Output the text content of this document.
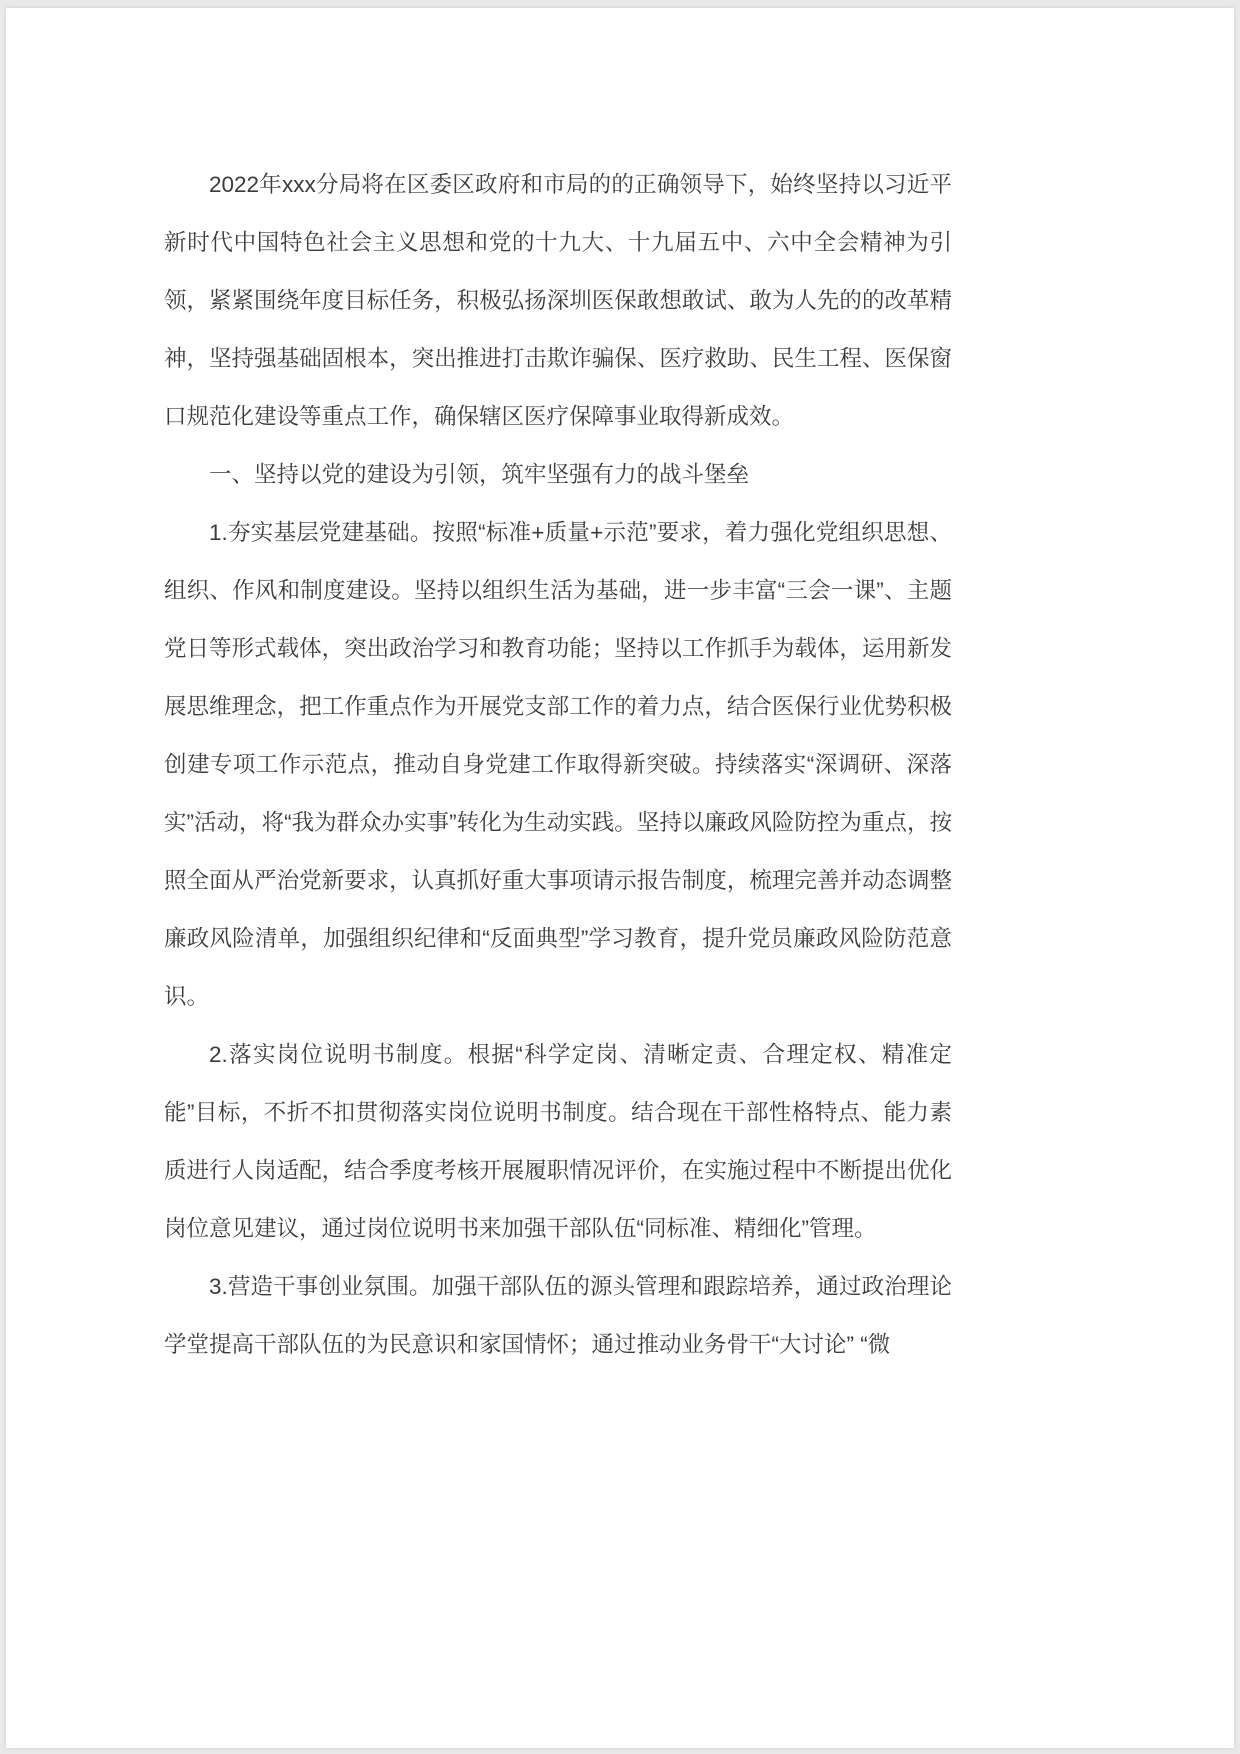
2022年xxx分局将在区委区政府和市局的的正确领导下，始终坚持以习近平新时代中国特色社会主义思想和党的十九大、十九届五中、六中全会精神为引领，紧紧围绕年度目标任务，积极弘扬深圳医保敢想敢试、敢为人先的的改革精神，坚持强基础固根本，突出推进打击欺诈骗保、医疗救助、民生工程、医保窗口规范化建设等重点工作，确保辖区医疗保障事业取得新成效。

一、坚持以党的建设为引领，筑牢坚强有力的战斗堡垒

1.夯实基层党建基础。按照“标准+质量+示范”要求，着力强化党组织思想、组织、作风和制度建设。坚持以组织生活为基础，进一步丰富“三会一课”、主题党日等形式载体，突出政治学习和教育功能；坚持以工作抓手为载体，运用新发展思维理念，把工作重点作为开展党支部工作的着力点，结合医保行业优势积极创建专项工作示范点，推动自身党建工作取得新突破。持续落实“深调研、深落实”活动，将“我为群众办实事”转化为生动实践。坚持以廉政风险防控为重点，按照全面从严治党新要求，认真抓好重大事项请示报告制度，梳理完善并动态调整廉政风险清单，加强组织纪律和“反面典型”学习教育，提升党员廉政风险防范意识。

2.落实岗位说明书制度。根据“科学定岗、清晰定责、合理定权、精准定能”目标，不折不扣贯彻落实岗位说明书制度。结合现在干部性格特点、能力素质进行人岗适配，结合季度考核开展履职情况评价，在实施过程中不断提出优化岗位意见建议，通过岗位说明书来加强干部队伍“同标准、精细化”管理。

3.营造干事创业氛围。加强干部队伍的源头管理和跟踪培养，通过政治理论学堂提高干部队伍的为民意识和家国情怀；通过推动业务骨干“大讨论” “微
